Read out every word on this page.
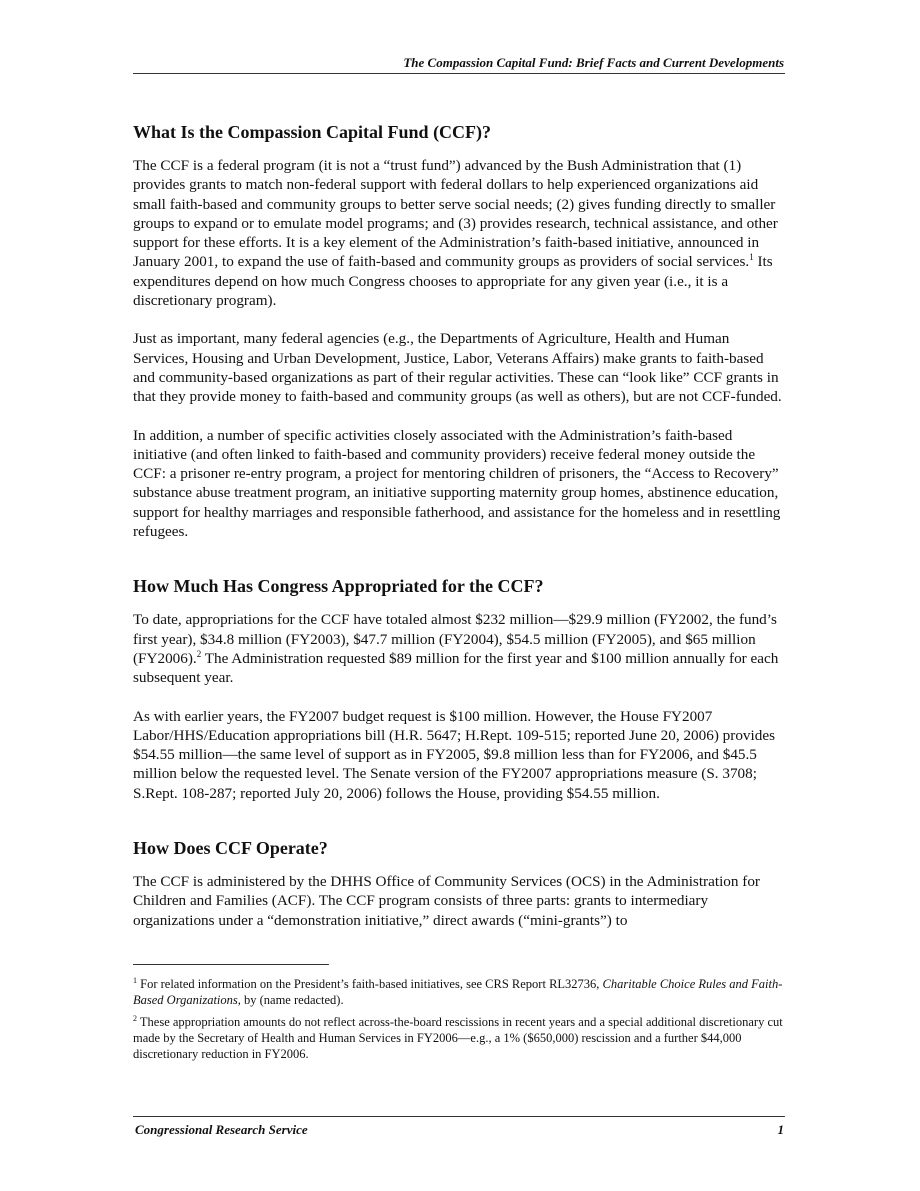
The Compassion Capital Fund: Brief Facts and Current Developments
What Is the Compassion Capital Fund (CCF)?

The CCF is a federal program (it is not a “trust fund”) advanced by the Bush Administration that (1) provides grants to match non-federal support with federal dollars to help experienced organizations aid small faith-based and community groups to better serve social needs; (2) gives funding directly to smaller groups to expand or to emulate model programs; and (3) provides research, technical assistance, and other support for these efforts. It is a key element of the Administration’s faith-based initiative, announced in January 2001, to expand the use of faith-based and community groups as providers of social services.$^1$ Its expenditures depend on how much Congress chooses to appropriate for any given year (i.e., it is a discretionary program).

Just as important, many federal agencies (e.g., the Departments of Agriculture, Health and Human Services, Housing and Urban Development, Justice, Labor, Veterans Affairs) make grants to faith-based and community-based organizations as part of their regular activities. These can “look like” CCF grants in that they provide money to faith-based and community groups (as well as others), but are not CCF-funded.

In addition, a number of specific activities closely associated with the Administration’s faith-based initiative (and often linked to faith-based and community providers) receive federal money outside the CCF: a prisoner re-entry program, a project for mentoring children of prisoners, the “Access to Recovery” substance abuse treatment program, an initiative supporting maternity group homes, abstinence education, support for healthy marriages and responsible fatherhood, and assistance for the homeless and in resettling refugees.

How Much Has Congress Appropriated for the CCF?

To date, appropriations for the CCF have totaled almost $232 million—$29.9 million (FY2002, the fund’s first year), $34.8 million (FY2003), $47.7 million (FY2004), $54.5 million (FY2005), and $65 million (FY2006).$^2$ The Administration requested $89 million for the first year and $100 million annually for each subsequent year.

As with earlier years, the FY2007 budget request is $100 million. However, the House FY2007 Labor/HHS/Education appropriations bill (H.R. 5647; H.Rept. 109-515; reported June 20, 2006) provides $54.55 million—the same level of support as in FY2005, $9.8 million less than for FY2006, and $45.5 million below the requested level. The Senate version of the FY2007 appropriations measure (S. 3708; S.Rept. 108-287; reported July 20, 2006) follows the House, providing $54.55 million.

How Does CCF Operate?

The CCF is administered by the DHHS Office of Community Services (OCS) in the Administration for Children and Families (ACF). The CCF program consists of three parts: grants to intermediary organizations under a “demonstration initiative,” direct awards (“mini-grants”) to

$^1$ For related information on the President’s faith-based initiatives, see CRS Report RL32736, Charitable Choice Rules and Faith-Based Organizations, by (name redacted).
$^2$ These appropriation amounts do not reflect across-the-board rescissions in recent years and a special additional discretionary cut made by the Secretary of Health and Human Services in FY2006—e.g., a 1% ($650,000) rescission and a further $44,000 discretionary reduction in FY2006.
Congressional Research Service	1
